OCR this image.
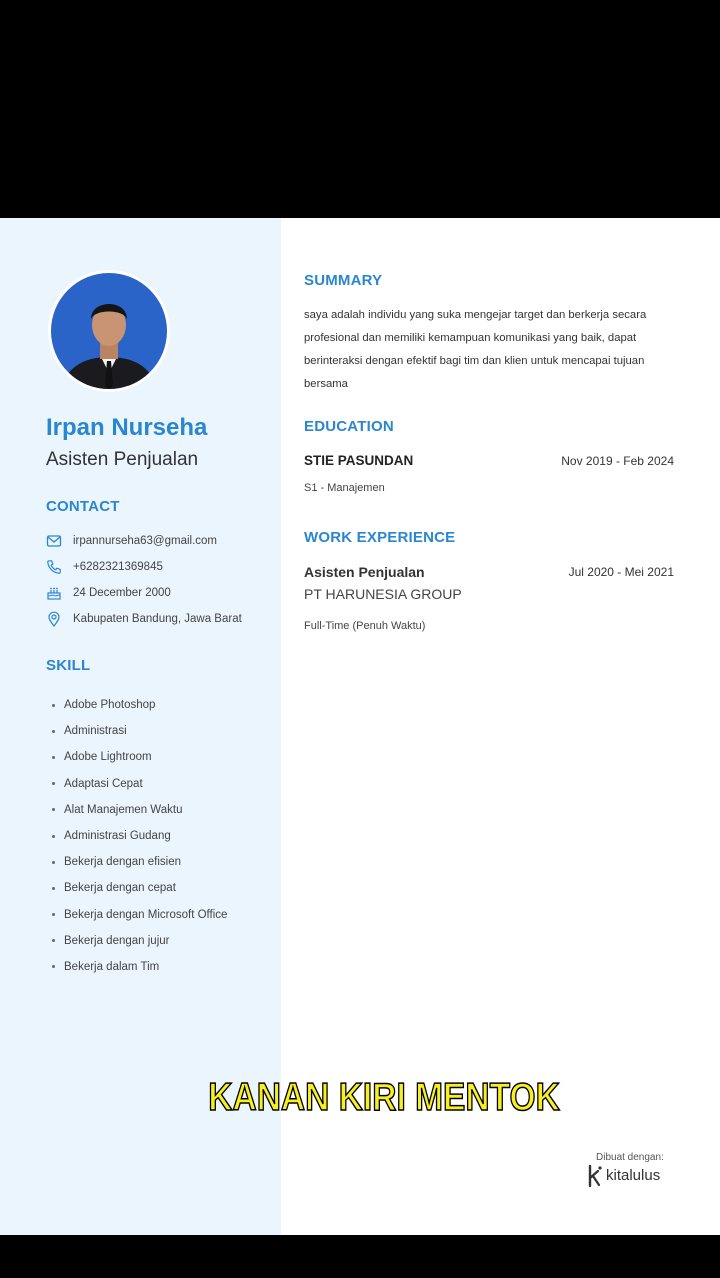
Irpan Nurseha
Asisten Penjualan
CONTACT
irpannurseha63@gmail.com
+6282321369845
24 December 2000
Kabupaten Bandung, Jawa Barat
SKILL
Adobe Photoshop
Administrasi
Adobe Lightroom
Adaptasi Cepat
Alat Manajemen Waktu
Administrasi Gudang
Bekerja dengan efisien
Bekerja dengan cepat
Bekerja dengan Microsoft Office
Bekerja dengan jujur
Bekerja dalam Tim
SUMMARY

saya adalah individu yang suka mengejar target dan berkerja secara profesional dan memiliki kemampuan komunikasi yang baik, dapat berinteraksi dengan efektif bagi tim dan klien untuk mencapai tujuan bersama

EDUCATION
STIE PASUNDAN	Nov 2019 - Feb 2024
S1 - Manajemen
WORK EXPERIENCE
Asisten Penjualan	Jul 2020 - Mei 2021
PT HARUNESIA GROUP
Full-Time (Penuh Waktu)
KANAN KIRI MENTOK
Dibuat dengan:
kitalulus
